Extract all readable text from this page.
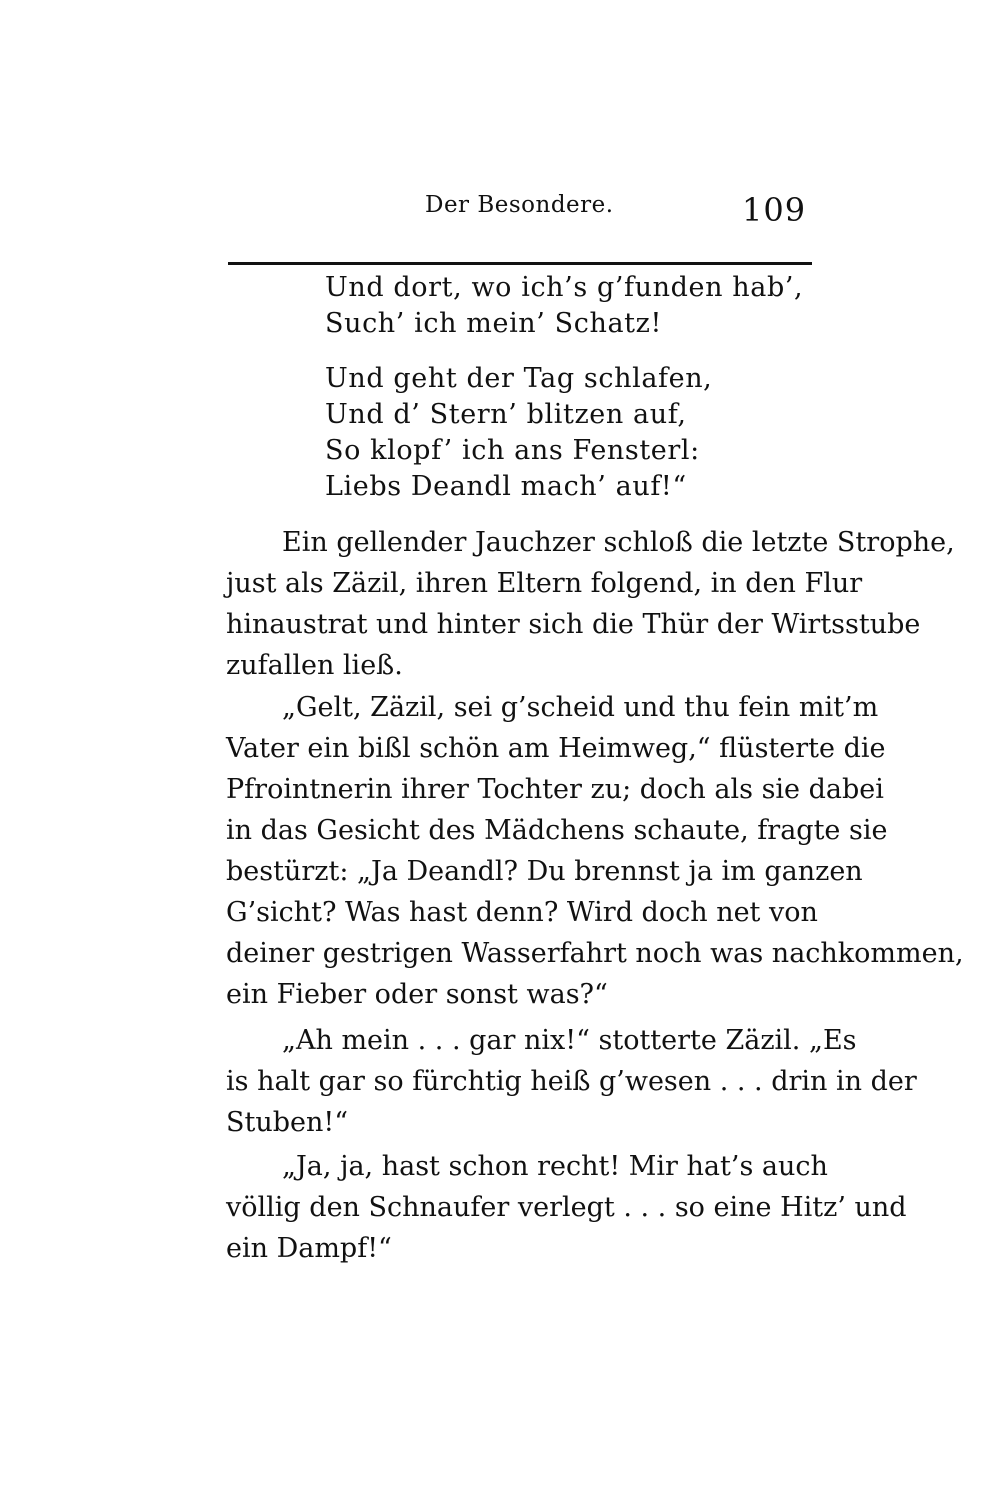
Der Besondere.	109
Und dort, wo ich’s g’funden hab’,
Such’ ich mein’ Schatz!
Und geht der Tag schlafen,
Und d’ Stern’ blitzen auf,
So klopf’ ich ans Fensterl:
Liebs Deandl mach’ auf!“
Ein gellender Jauchzer schloß die letzte Strophe,
just als Zäzil, ihren Eltern folgend, in den Flur
hinaustrat und hinter sich die Thür der Wirtsstube
zufallen ließ.
„Gelt, Zäzil, sei g’scheid und thu fein mit’m
Vater ein bißl schön am Heimweg,“ flüsterte die
Pfrointnerin ihrer Tochter zu; doch als sie dabei
in das Gesicht des Mädchens schaute, fragte sie
bestürzt: „Ja Deandl? Du brennst ja im ganzen
G’sicht? Was hast denn? Wird doch net von
deiner gestrigen Wasserfahrt noch was nachkommen,
ein Fieber oder sonst was?“
„Ah mein . . . gar nix!“ stotterte Zäzil. „Es
is halt gar so fürchtig heiß g’wesen . . . drin in der
Stuben!“
„Ja, ja, hast schon recht! Mir hat’s auch
völlig den Schnaufer verlegt . . . so eine Hitz’ und
ein Dampf!“
